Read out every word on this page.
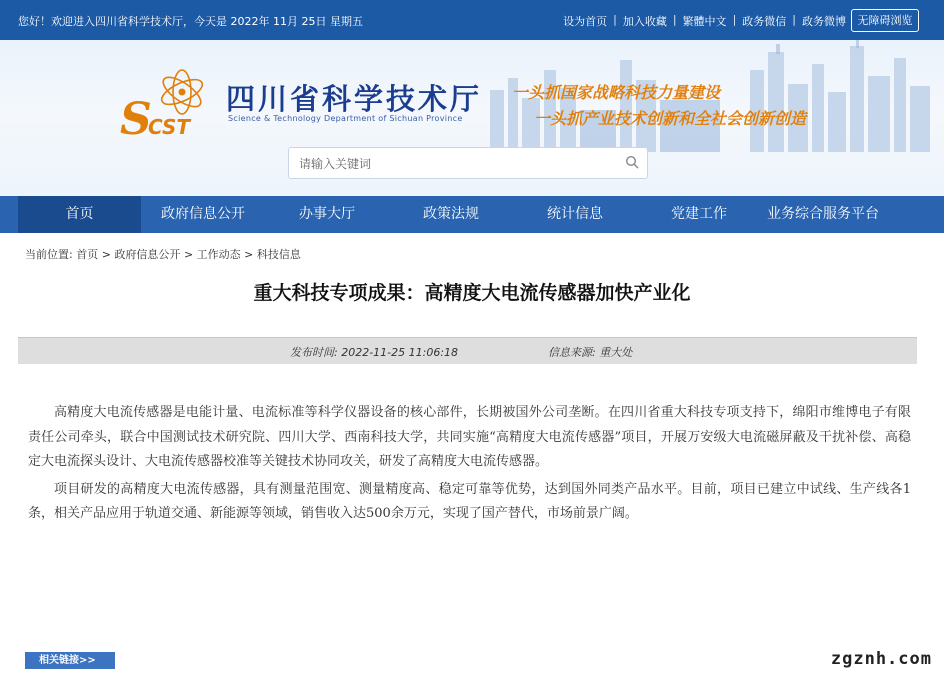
您好！欢迎进入四川省科学技术厅，今天是 2022年 11月 25日 星期五	设为首页 | 加入收藏 | 繁體中文 | 政务微信 | 政务微博	无障碍浏览
S
CST
四川省科学技术厅
Science & Technology Department of Sichuan Province
一头抓国家战略科技力量建设
一头抓产业技术创新和全社会创新创造
请输入关键词
首页	政府信息公开	办事大厅	政策法规	统计信息	党建工作	业务综合服务平台
当前位置: 首页 > 政府信息公开 > 工作动态 > 科技信息
重大科技专项成果：高精度大电流传感器加快产业化
发布时间: 2022-11-25 11:06:18	信息来源: 重大处

高精度大电流传感器是电能计量、电流标准等科学仪器设备的核心部件，长期被国外公司垄断。在四川省重大科技专项支持下，绵阳市维博电子有限责任公司牵头，联合中国测试技术研究院、四川大学、西南科技大学，共同实施“高精度大电流传感器”项目，开展万安级大电流磁屏蔽及干扰补偿、高稳定大电流探头设计、大电流传感器校准等关键技术协同攻关，研发了高精度大电流传感器。

项目研发的高精度大电流传感器，具有测量范围宽、测量精度高、稳定可靠等优势，达到国外同类产品水平。目前，项目已建立中试线、生产线各1条，相关产品应用于轨道交通、新能源等领域，销售收入达500余万元，实现了国产替代，市场前景广阔。

相关链接>>	zgznh.com
